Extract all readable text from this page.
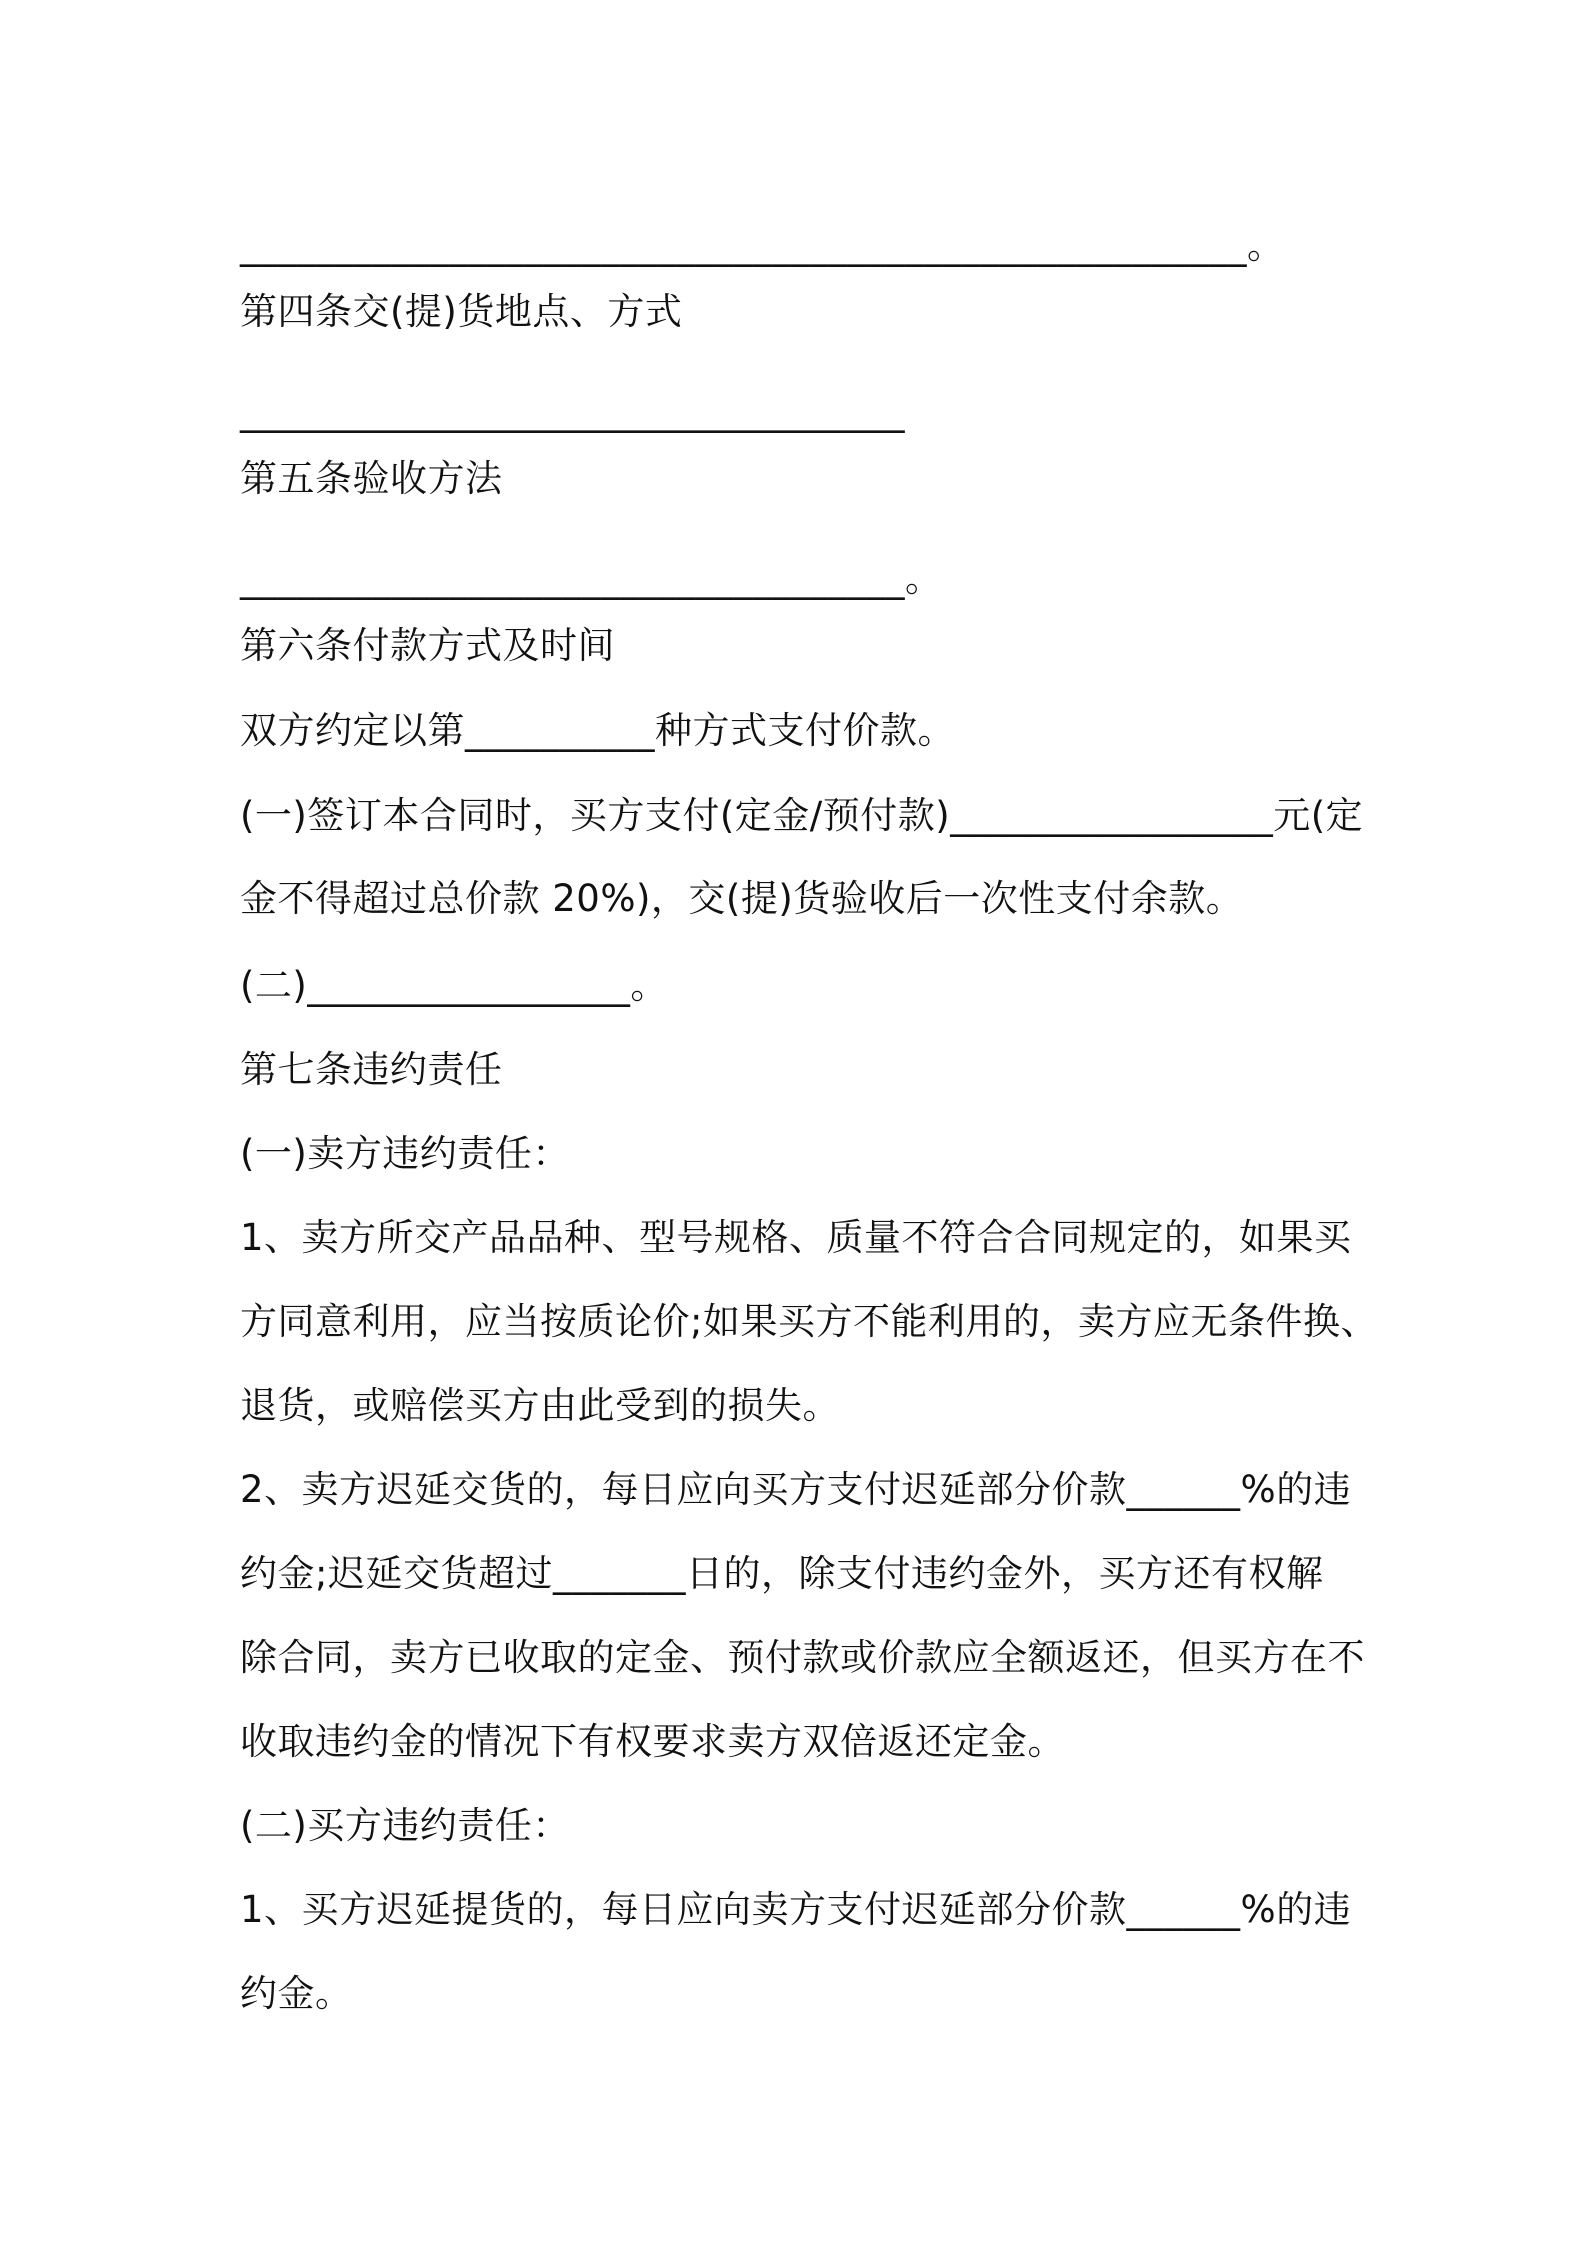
_____________________________________________________。
第四条交(提)货地点、方式
___________________________________
第五条验收方法
___________________________________。
第六条付款方式及时间
双方约定以第__________种方式支付价款。
(一)签订本合同时，买方支付(定金/预付款)_________________元(定
金不得超过总价款 20%)，交(提)货验收后一次性支付余款。
(二)_________________。
第七条违约责任
(一)卖方违约责任：
1、卖方所交产品品种、型号规格、质量不符合合同规定的，如果买
方同意利用，应当按质论价;如果买方不能利用的，卖方应无条件换、
退货，或赔偿买方由此受到的损失。
2、卖方迟延交货的，每日应向买方支付迟延部分价款______%的违
约金;迟延交货超过_______日的，除支付违约金外，买方还有权解
除合同，卖方已收取的定金、预付款或价款应全额返还，但买方在不
收取违约金的情况下有权要求卖方双倍返还定金。
(二)买方违约责任：
1、买方迟延提货的，每日应向卖方支付迟延部分价款______%的违
约金。
